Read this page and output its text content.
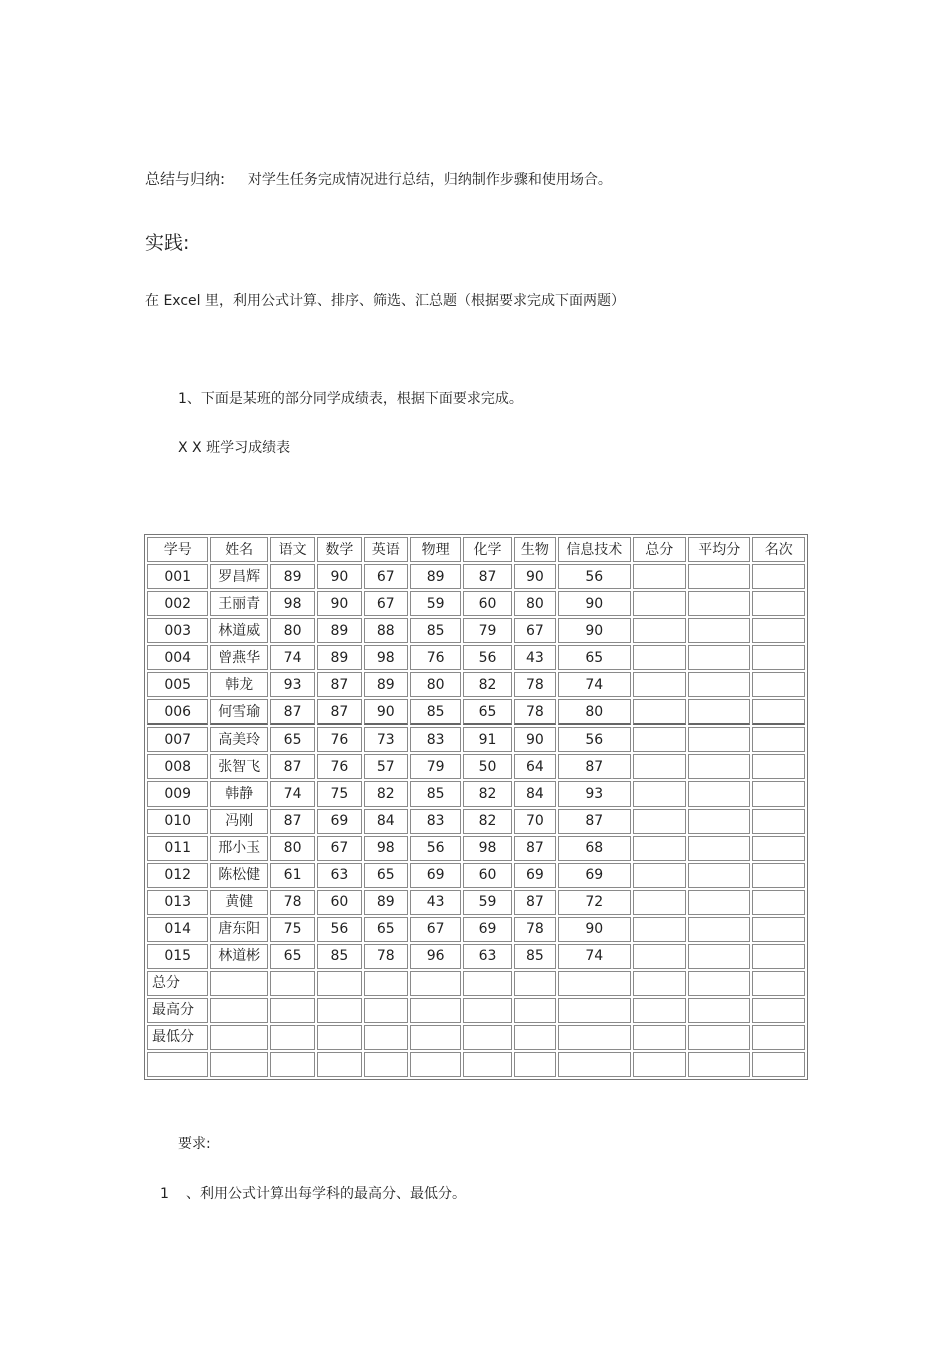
总结与归纳: 对学生任务完成情况进行总结，归纳制作步骤和使用场合。
实践:
在 Excel 里，利用公式计算、排序、筛选、汇总题（根据要求完成下面两题）
1、下面是某班的部分同学成绩表，根据下面要求完成。
X X 班学习成绩表
学号	姓名	语文	数学	英语	物理	化学	生物	信息技术	总分	平均分	名次
001	罗昌辉	89	90	67	89	87	90	56			
002	王丽青	98	90	67	59	60	80	90			
003	林道威	80	89	88	85	79	67	90			
004	曾燕华	74	89	98	76	56	43	65			
005	韩龙	93	87	89	80	82	78	74			
006	何雪瑜	87	87	90	85	65	78	80			
007	高美玲	65	76	73	83	91	90	56			
008	张智飞	87	76	57	79	50	64	87			
009	韩静	74	75	82	85	82	84	93			
010	冯刚	87	69	84	83	82	70	87			
011	邢小玉	80	67	98	56	98	87	68			
012	陈松健	61	63	65	69	60	69	69			
013	黄健	78	60	89	43	59	87	72			
014	唐东阳	75	56	65	67	69	78	90			
015	林道彬	65	85	78	96	63	85	74			
总分											
最高分											
最低分											

要求:
1 、利用公式计算出每学科的最高分、最低分。
